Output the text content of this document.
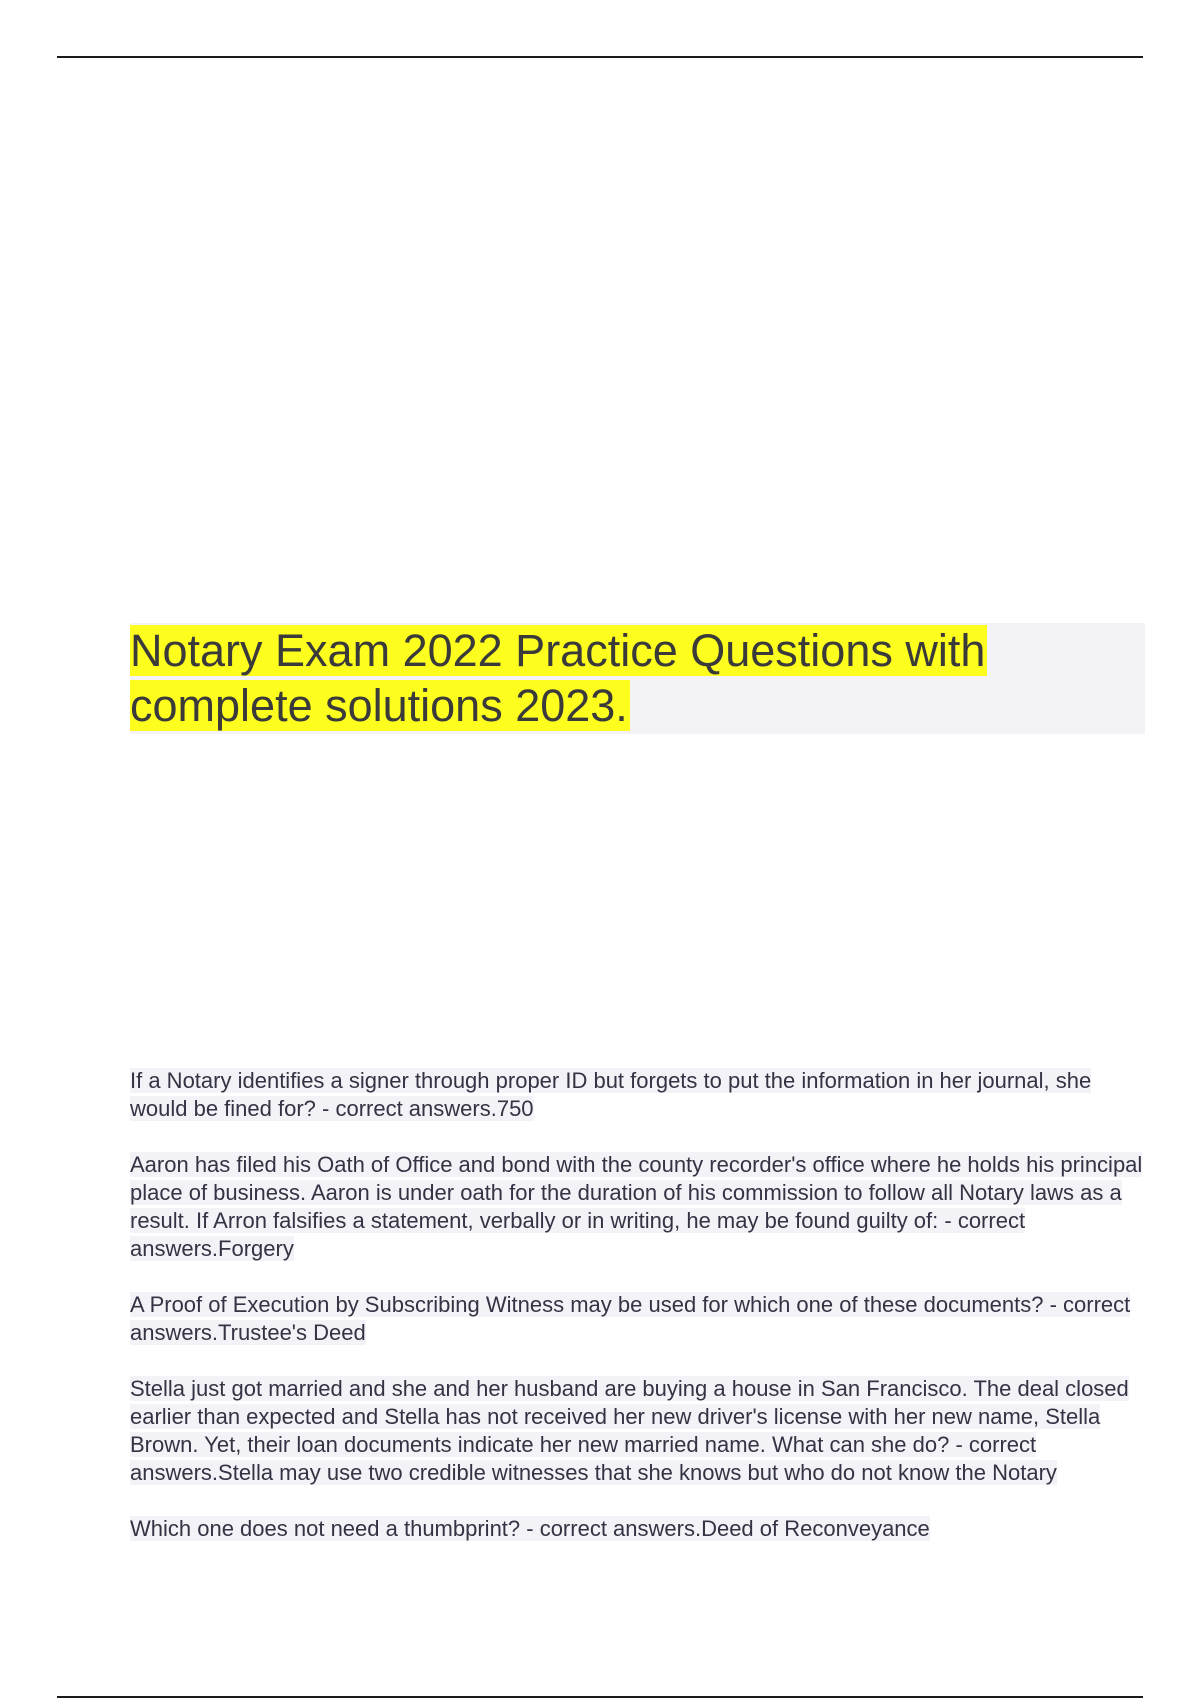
Notary Exam 2022 Practice Questions with
complete solutions 2023.

If a Notary identifies a signer through proper ID but forgets to put the information in her journal, she would be fined for? - correct answers.750

Aaron has filed his Oath of Office and bond with the county recorder's office where he holds his principal place of business. Aaron is under oath for the duration of his commission to follow all Notary laws as a result. If Arron falsifies a statement, verbally or in writing, he may be found guilty of: - correct answers.Forgery

A Proof of Execution by Subscribing Witness may be used for which one of these documents? - correct answers.Trustee's Deed

Stella just got married and she and her husband are buying a house in San Francisco. The deal closed earlier than expected and Stella has not received her new driver's license with her new name, Stella Brown. Yet, their loan documents indicate her new married name. What can she do? - correct answers.Stella may use two credible witnesses that she knows but who do not know the Notary

Which one does not need a thumbprint? - correct answers.Deed of Reconveyance
